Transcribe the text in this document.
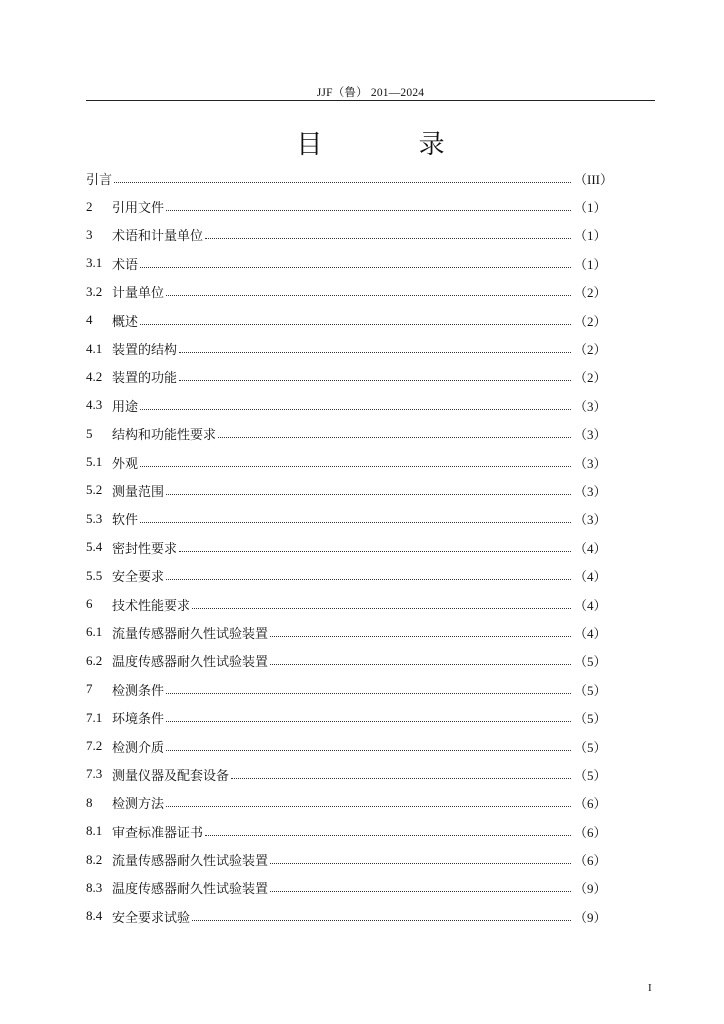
JJF（鲁） 201—2024
目 录
引言	（III）
2	引用文件	（1）
3	术语和计量单位	（1）
3.1 术语	（1）
3.2 计量单位	（2）
4	概述	（2）
4.1 装置的结构	（2）
4.2 装置的功能	（2）
4.3 用途	（3）
5	结构和功能性要求	（3）
5.1 外观	（3）
5.2 测量范围	（3）
5.3 软件	（3）
5.4 密封性要求	（4）
5.5 安全要求	（4）
6	技术性能要求	（4）
6.1 流量传感器耐久性试验装置	（4）
6.2 温度传感器耐久性试验装置	（5）
7	检测条件	（5）
7.1 环境条件	（5）
7.2 检测介质	（5）
7.3 测量仪器及配套设备	（5）
8	检测方法	（6）
8.1 审查标准器证书	（6）
8.2 流量传感器耐久性试验装置	（6）
8.3 温度传感器耐久性试验装置	（9）
8.4 安全要求试验	（9）
I
